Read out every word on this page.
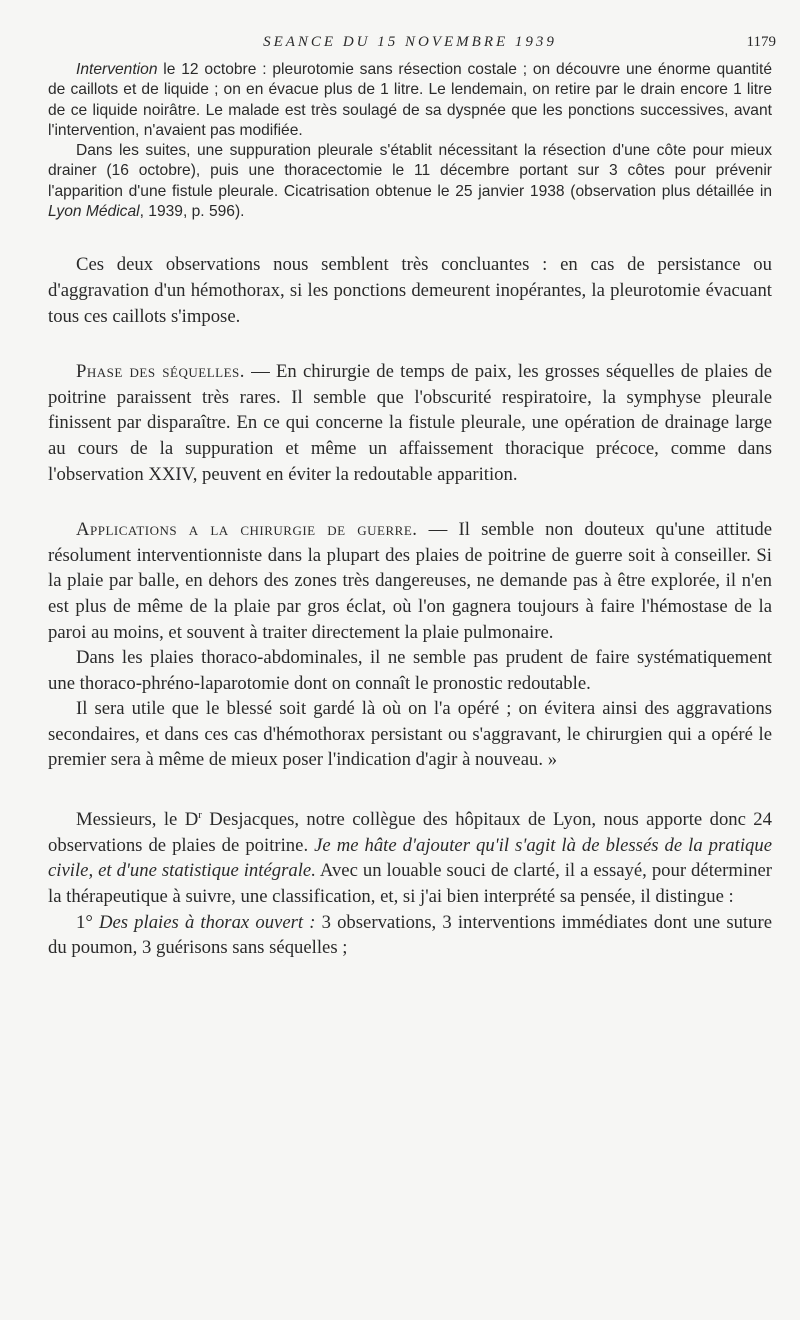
SEANCE DU 15 NOVEMBRE 1939	1179

Intervention le 12 octobre : pleurotomie sans résection costale ; on découvre une énorme quantité de caillots et de liquide ; on en évacue plus de 1 litre. Le lendemain, on retire par le drain encore 1 litre de ce liquide noirâtre. Le malade est très soulagé de sa dyspnée que les ponctions successives, avant l'intervention, n'avaient pas modifiée.

Dans les suites, une suppuration pleurale s'établit nécessitant la résection d'une côte pour mieux drainer (16 octobre), puis une thoracectomie le 11 décembre portant sur 3 côtes pour prévenir l'apparition d'une fistule pleurale. Cicatrisation obtenue le 25 janvier 1938 (observation plus détaillée in Lyon Médical, 1939, p. 596).

Ces deux observations nous semblent très concluantes : en cas de persistance ou d'aggravation d'un hémothorax, si les ponctions demeurent inopérantes, la pleurotomie évacuant tous ces caillots s'impose.

Phase des séquelles. — En chirurgie de temps de paix, les grosses séquelles de plaies de poitrine paraissent très rares. Il semble que l'obscurité respiratoire, la symphyse pleurale finissent par disparaître. En ce qui concerne la fistule pleurale, une opération de drainage large au cours de la suppuration et même un affaissement thoracique précoce, comme dans l'observation XXIV, peuvent en éviter la redoutable apparition.

Applications a la chirurgie de guerre. — Il semble non douteux qu'une attitude résolument interventionniste dans la plupart des plaies de poitrine de guerre soit à conseiller. Si la plaie par balle, en dehors des zones très dangereuses, ne demande pas à être explorée, il n'en est plus de même de la plaie par gros éclat, où l'on gagnera toujours à faire l'hémostase de la paroi au moins, et souvent à traiter directement la plaie pulmonaire.

Dans les plaies thoraco-abdominales, il ne semble pas prudent de faire systématiquement une thoraco-phréno-laparotomie dont on connaît le pronostic redoutable.

Il sera utile que le blessé soit gardé là où on l'a opéré ; on évitera ainsi des aggravations secondaires, et dans ces cas d'hémothorax persistant ou s'aggravant, le chirurgien qui a opéré le premier sera à même de mieux poser l'indication d'agir à nouveau. »

Messieurs, le $D^r$ Desjacques, notre collègue des hôpitaux de Lyon, nous apporte donc 24 observations de plaies de poitrine. Je me hâte d'ajouter qu'il s'agit là de blessés de la pratique civile, et d'une statistique intégrale. Avec un louable souci de clarté, il a essayé, pour déterminer la thérapeutique à suivre, une classification, et, si j'ai bien interprété sa pensée, il distingue :

1° Des plaies à thorax ouvert : 3 observations, 3 interventions immédiates dont une suture du poumon, 3 guérisons sans séquelles ;
